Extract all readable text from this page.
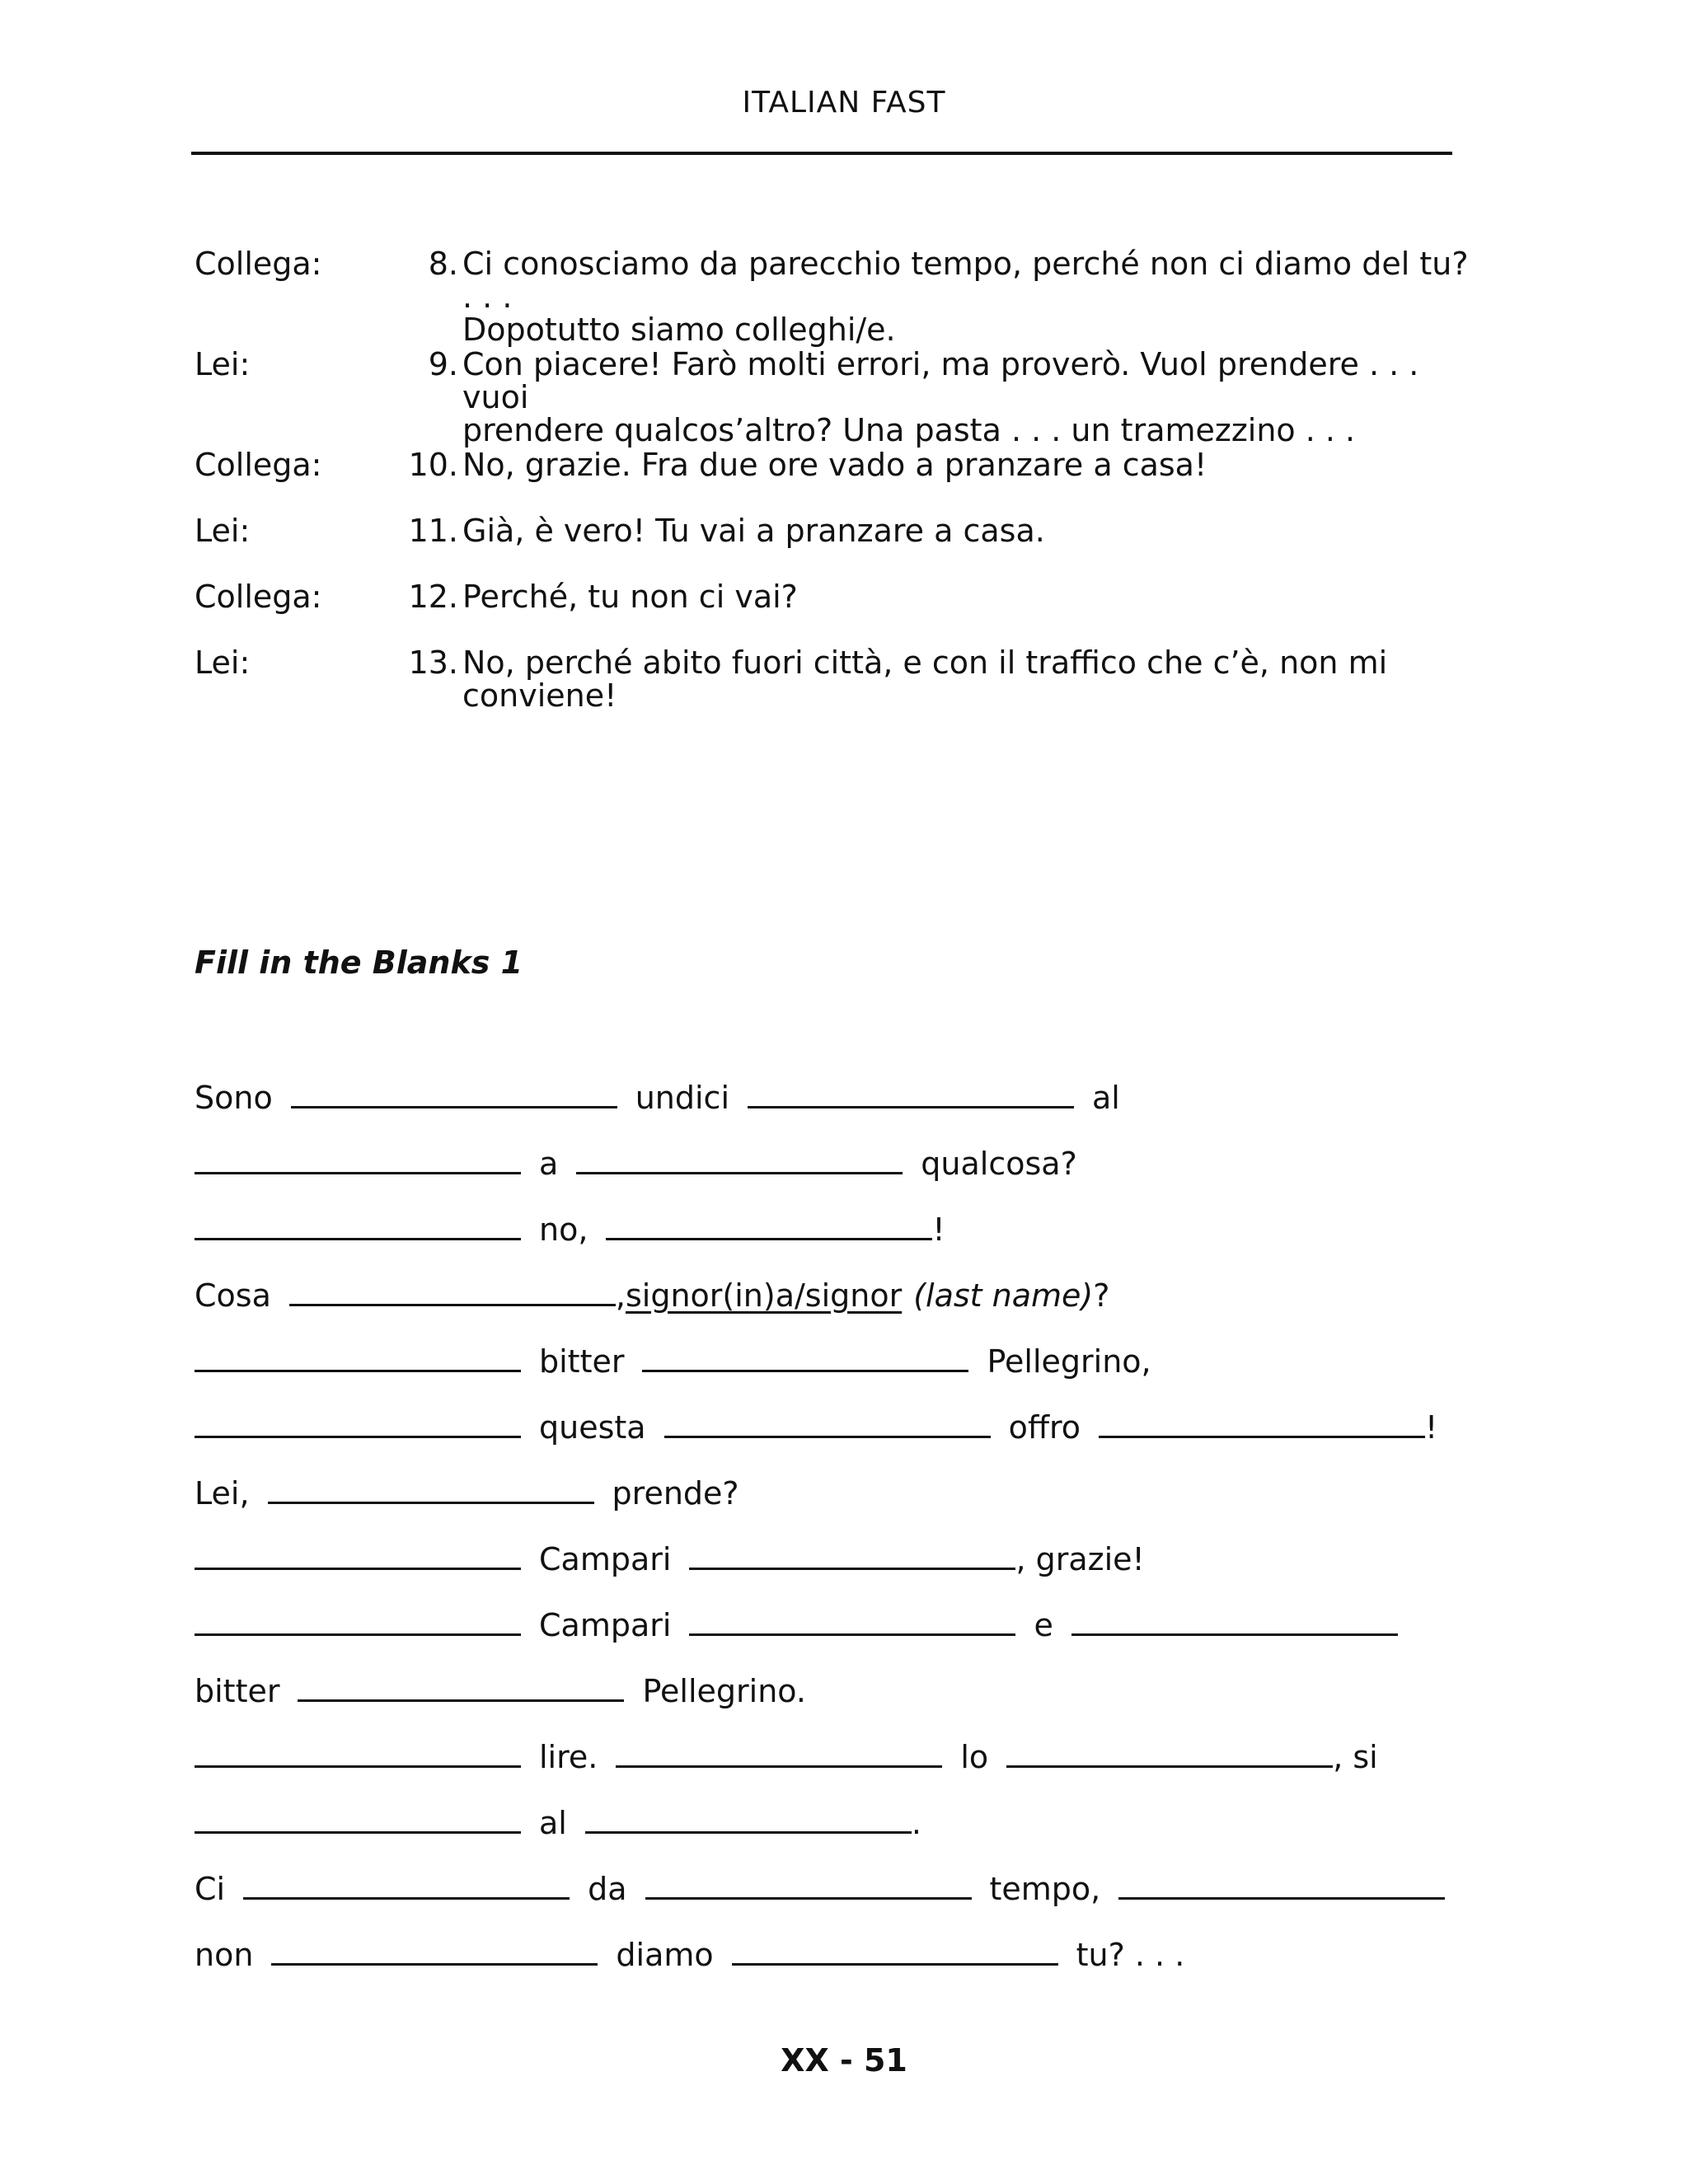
ITALIAN FAST
Collega:	8. Ci conosciamo da parecchio tempo, perché non ci diamo del tu? . . .
Dopotutto siamo colleghi/e.
Lei:	9. Con piacere! Farò molti errori, ma proverò. Vuol prendere . . . vuoi
prendere qualcos’altro? Una pasta . . . un tramezzino . . .
Collega:	10. No, grazie. Fra due ore vado a pranzare a casa!
Lei:	11. Già, è vero! Tu vai a pranzare a casa.
Collega:	12. Perché, tu non ci vai?
Lei:	13. No, perché abito fuori città, e con il traffico che c’è, non mi
conviene!
Fill in the Blanks 1
Sono	undici	al
a	qualcosa?
no,	!
Cosa	,signor(in)a/signor (last name)?
bitter	Pellegrino,
questa	offro	!
Lei,	prende?
Campari	, grazie!
Campari	e
bitter	Pellegrino.
lire.	lo	, si
al	.
Ci	da	tempo,
non	diamo	tu? . . .
XX - 51
